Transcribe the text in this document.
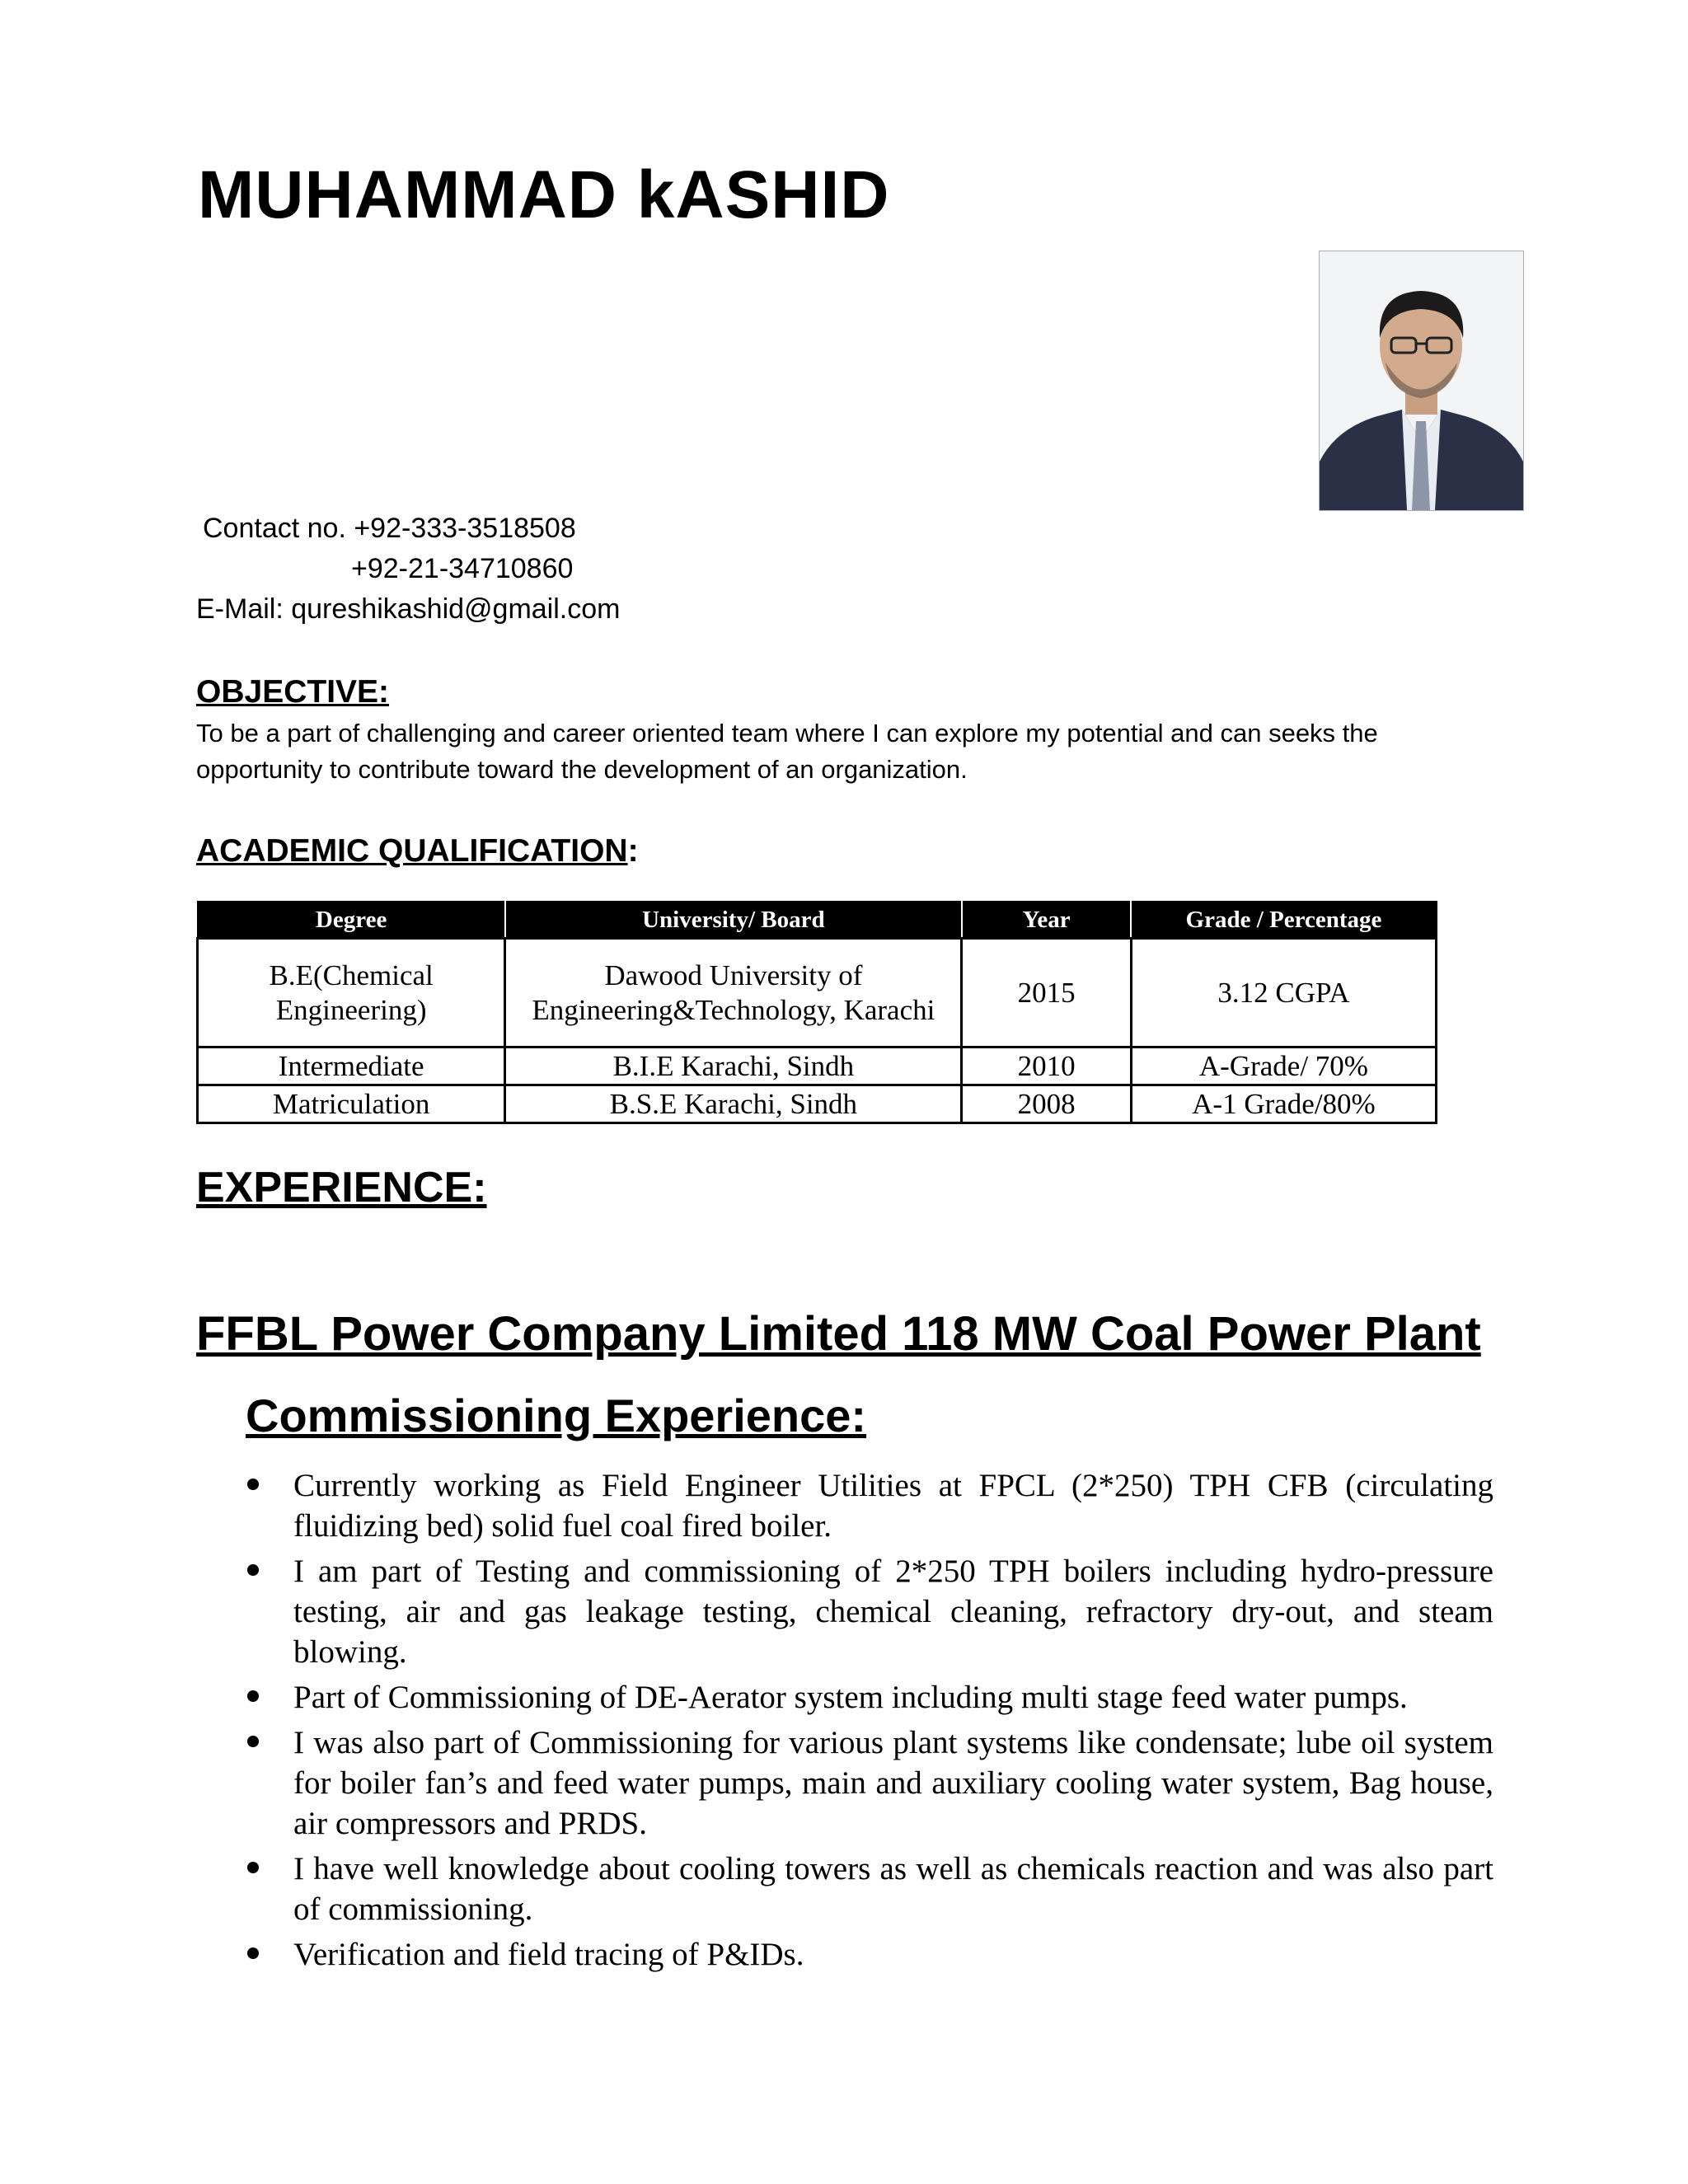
MUHAMMAD kASHID
Contact no. +92-333-3518508
+92-21-34710860
E-Mail: qureshikashid@gmail.com
OBJECTIVE:
To be a part of challenging and career oriented team where I can explore my potential and can seeks the opportunity to contribute toward the development of an organization.
ACADEMIC QUALIFICATION:
Degree	University/ Board	Year	Grade / Percentage
B.E(Chemical Engineering)	Dawood University of Engineering&Technology, Karachi	2015	3.12 CGPA
Intermediate	B.I.E Karachi, Sindh	2010	A-Grade/ 70%
Matriculation	B.S.E Karachi, Sindh	2008	A-1 Grade/80%
EXPERIENCE:
FFBL Power Company Limited 118 MW Coal Power Plant
Commissioning Experience:
Currently working as Field Engineer Utilities at FPCL (2*250) TPH CFB (circulating fluidizing bed) solid fuel coal fired boiler.
I am part of Testing and commissioning of 2*250 TPH boilers including hydro-pressure testing, air and gas leakage testing, chemical cleaning, refractory dry-out, and steam blowing.
Part of Commissioning of DE-Aerator system including multi stage feed water pumps.
I was also part of Commissioning for various plant systems like condensate; lube oil system for boiler fan’s and feed water pumps, main and auxiliary cooling water system, Bag house, air compressors and PRDS.
I have well knowledge about cooling towers as well as chemicals reaction and was also part of commissioning.
Verification and field tracing of P&IDs.
